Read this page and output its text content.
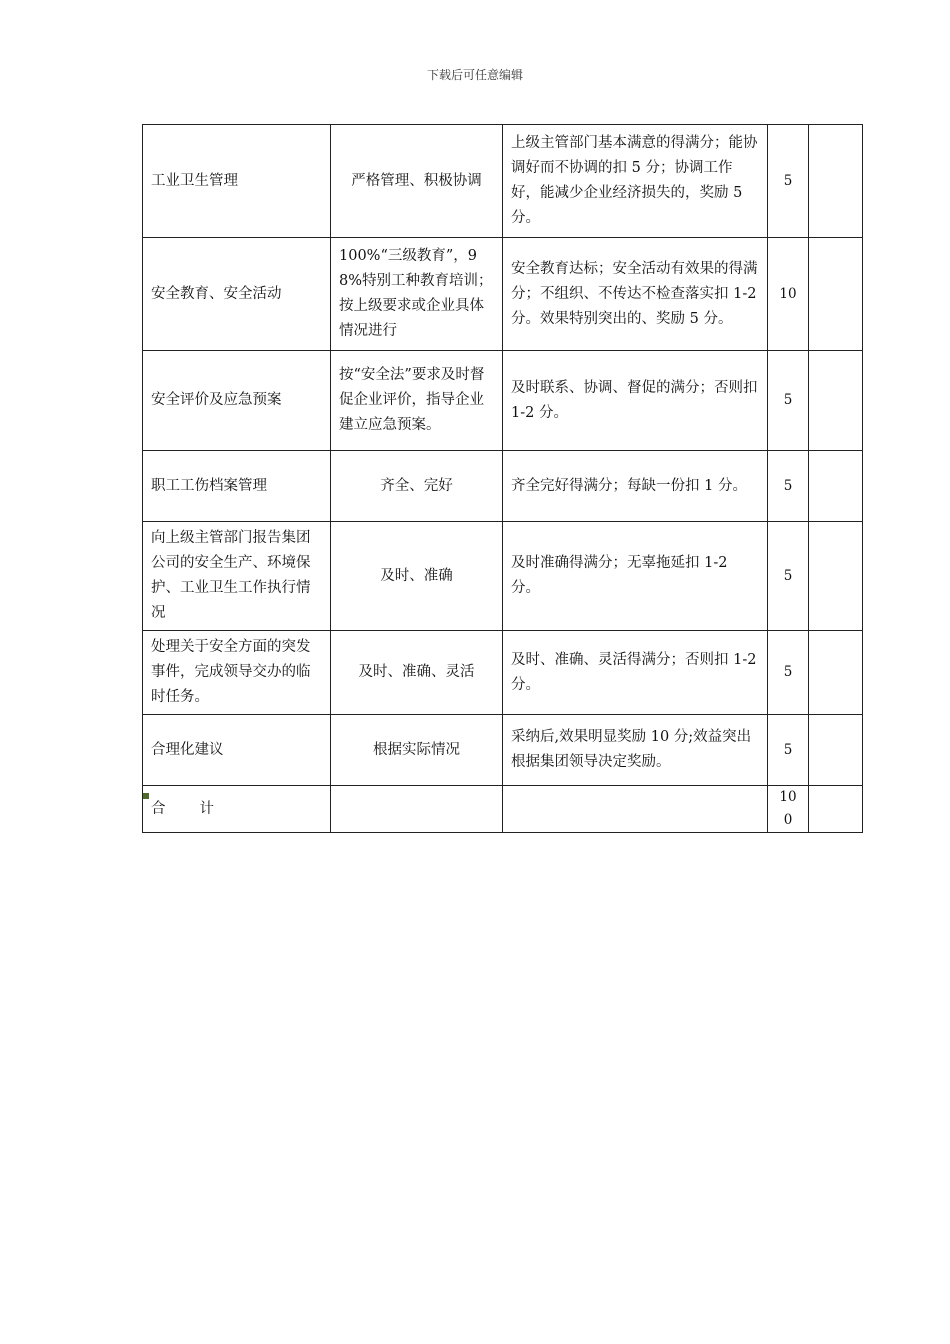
下载后可任意编辑
工业卫生管理	严格管理、积极协调	上级主管部门基本满意的得满分；能协调好而不协调的扣 5 分；协调工作好，能减少企业经济损失的，奖励 5 分。	5	
安全教育、安全活动	100%“三级教育”，98%特别工种教育培训；按上级要求或企业具体情况进行	安全教育达标；安全活动有效果的得满分；不组织、不传达不检查落实扣 1-2 分。效果特别突出的、奖励 5 分。	10	
安全评价及应急预案	按“安全法”要求及时督促企业评价，指导企业建立应急预案。	及时联系、协调、督促的满分；否则扣 1-2 分。	5	
职工工伤档案管理	齐全、完好	齐全完好得满分；每缺一份扣 1 分。	5	
向上级主管部门报告集团公司的安全生产、环境保护、工业卫生工作执行情况	及时、准确	及时准确得满分；无辜拖延扣 1-2 分。	5	
处理关于安全方面的突发事件，完成领导交办的临时任务。	及时、准确、灵活	及时、准确、灵活得满分；否则扣 1-2 分。	5	
合理化建议	根据实际情况	采纳后,效果明显奖励 10 分;效益突出根据集团领导决定奖励。	5	
合 计			100	
